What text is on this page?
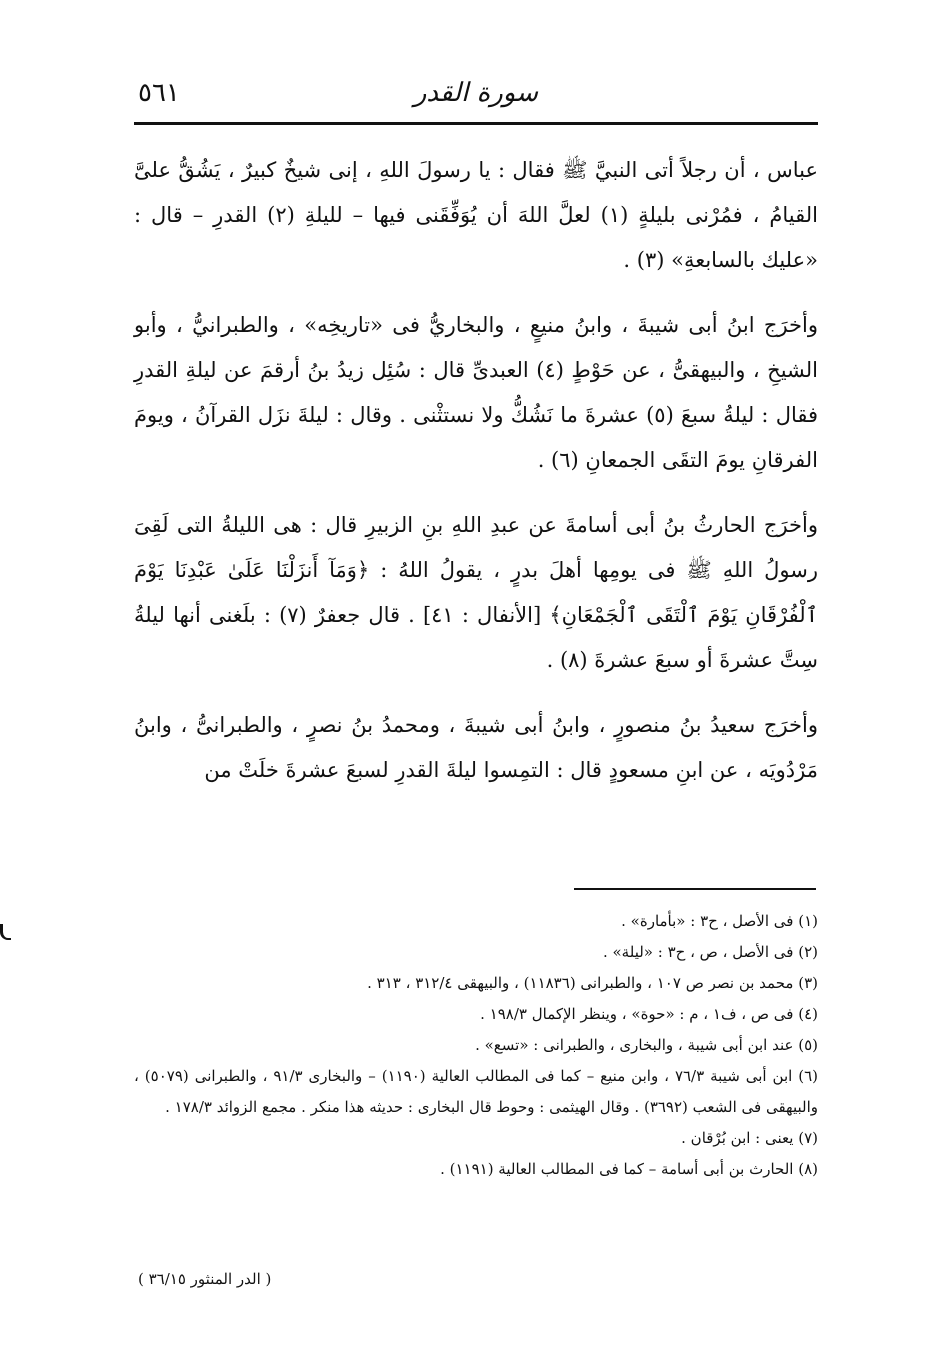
سورة القدر
٥٦١

عباس ، أن رجلاً أتى النبيَّ ﷺ فقال : يا رسولَ اللهِ ، إنى شيخٌ كبيرٌ ، يَشُقُّ علىَّ القيامُ ، فمُرْنى بليلةٍ (١) لعلَّ اللهَ أن يُوَفِّقَنى فيها – لليلةِ (٢) القدرِ – قال : «عليك بالسابعةِ» (٣) .

وأخرَج ابنُ أبى شيبةَ ، وابنُ منيعٍ ، والبخاريُّ فى «تاريخِه» ، والطبرانيُّ ، وأبو الشيخِ ، والبيهقىُّ ، عن حَوْطٍ (٤) العبدىِّ قال : سُئِل زيدُ بنُ أرقمَ عن ليلةِ القدرِ فقال : ليلةُ سبعَ (٥) عشرةَ ما نَشُكُّ ولا نستثْنى . وقال : ليلةَ نزَل القرآنُ ، ويومَ الفرقانِ يومَ التقَى الجمعانِ (٦) .

وأخرَج الحارثُ بنُ أبى أسامةَ عن عبدِ اللهِ بنِ الزبيرِ قال : هى الليلةُ التى لَقِىَ رسولُ اللهِ ﷺ فى يومِها أهلَ بدرٍ ، يقولُ اللهُ : ﴿وَمَآ أَنزَلْنَا عَلَىٰ عَبْدِنَا يَوْمَ ٱلْفُرْقَانِ يَوْمَ ٱلْتَقَى ٱلْجَمْعَانِ﴾ [الأنفال : ٤١] . قال جعفرٌ (٧) : بلَغنى أنها ليلةُ سِتَّ عشرةَ أو سبعَ عشرةَ (٨) .

وأخرَج سعيدُ بنُ منصورٍ ، وابنُ أبى شيبةَ ، ومحمدُ بنُ نصرٍ ، والطبرانىُّ ، وابنُ مَرْدُويَه ، عن ابنِ مسعودٍ قال : التمِسوا ليلةَ القدرِ لسبعَ عشرةَ خلَتْ من

(١) فى الأصل ، ح٣ : «بأمارة» .

(٢) فى الأصل ، ص ، ح٣ : «ليلة» .

(٣) محمد بن نصر ص ١٠٧ ، والطبرانى (١١٨٣٦) ، والبيهقى ٣١٢/٤ ، ٣١٣ .

(٤) فى ص ، ف١ ، م : «حوة» ، وينظر الإكمال ١٩٨/٣ .

(٥) عند ابن أبى شيبة ، والبخارى ، والطبرانى : «تسع» .

(٦) ابن أبى شيبة ٧٦/٣ ، وابن منيع – كما فى المطالب العالية (١١٩٠) – والبخارى ٩١/٣ ، والطبرانى (٥٠٧٩) ، والبيهقى فى الشعب (٣٦٩٢) . وقال الهيثمى : وحوط قال البخارى : حديثه هذا منكر . مجمع الزوائد ١٧٨/٣ .

(٧) يعنى : ابن بُرْقان .

(٨) الحارث بن أبى أسامة – كما فى المطالب العالية (١١٩١) .

( الدر المنثور ٣٦/١٥ )
